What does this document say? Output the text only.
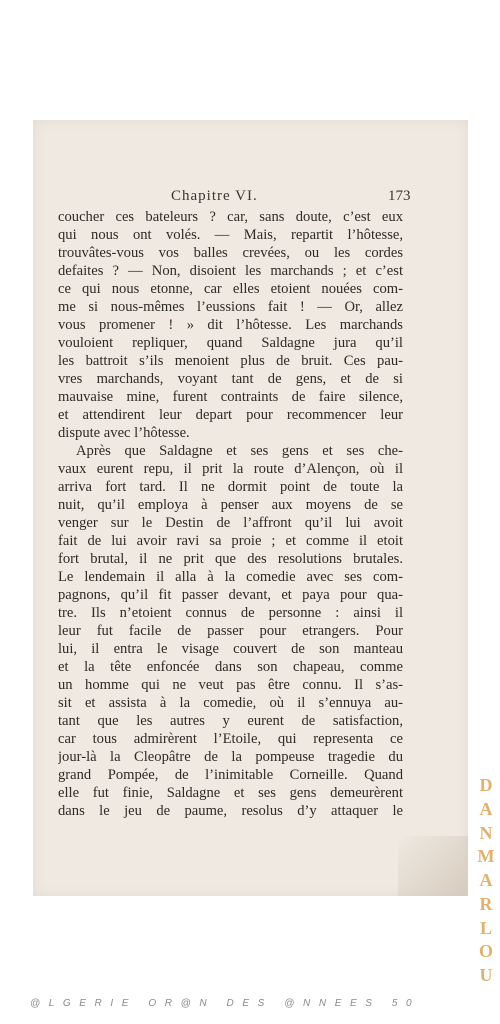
Chapitre VI.	173
coucher ces bateleurs ? car, sans doute, c’est eux
qui nous ont volés. — Mais, repartit l’hôtesse,
trouvâtes-vous vos balles crevées, ou les cordes
defaites ? — Non, disoient les marchands ; et c’est
ce qui nous etonne, car elles etoient nouées com-
me si nous-mêmes l’eussions fait ! — Or, allez
vous promener ! » dit l’hôtesse. Les marchands
vouloient repliquer, quand Saldagne jura qu’il
les battroit s’ils menoient plus de bruit. Ces pau-
vres marchands, voyant tant de gens, et de si
mauvaise mine, furent contraints de faire silence,
et attendirent leur depart pour recommencer leur
dispute avec l’hôtesse.
Après que Saldagne et ses gens et ses che-
vaux eurent repu, il prit la route d’Alençon, où il
arriva fort tard. Il ne dormit point de toute la
nuit, qu’il employa à penser aux moyens de se
venger sur le Destin de l’affront qu’il lui avoit
fait de lui avoir ravi sa proie ; et comme il etoit
fort brutal, il ne prit que des resolutions brutales.
Le lendemain il alla à la comedie avec ses com-
pagnons, qu’il fit passer devant, et paya pour qua-
tre. Ils n’etoient connus de personne : ainsi il
leur fut facile de passer pour etrangers. Pour
lui, il entra le visage couvert de son manteau
et la tête enfoncée dans son chapeau, comme
un homme qui ne veut pas être connu. Il s’as-
sit et assista à la comedie, où il s’ennuya au-
tant que les autres y eurent de satisfaction,
car tous admirèrent l’Etoile, qui representa ce
jour-là la Cleopâtre de la pompeuse tragedie du
grand Pompée, de l’inimitable Corneille. Quand
elle fut finie, Saldagne et ses gens demeurèrent
dans le jeu de paume, resolus d’y attaquer le
D
A
N
M
A
R
L
O
U
@LGERIE OR@N DES @NNEES 50
